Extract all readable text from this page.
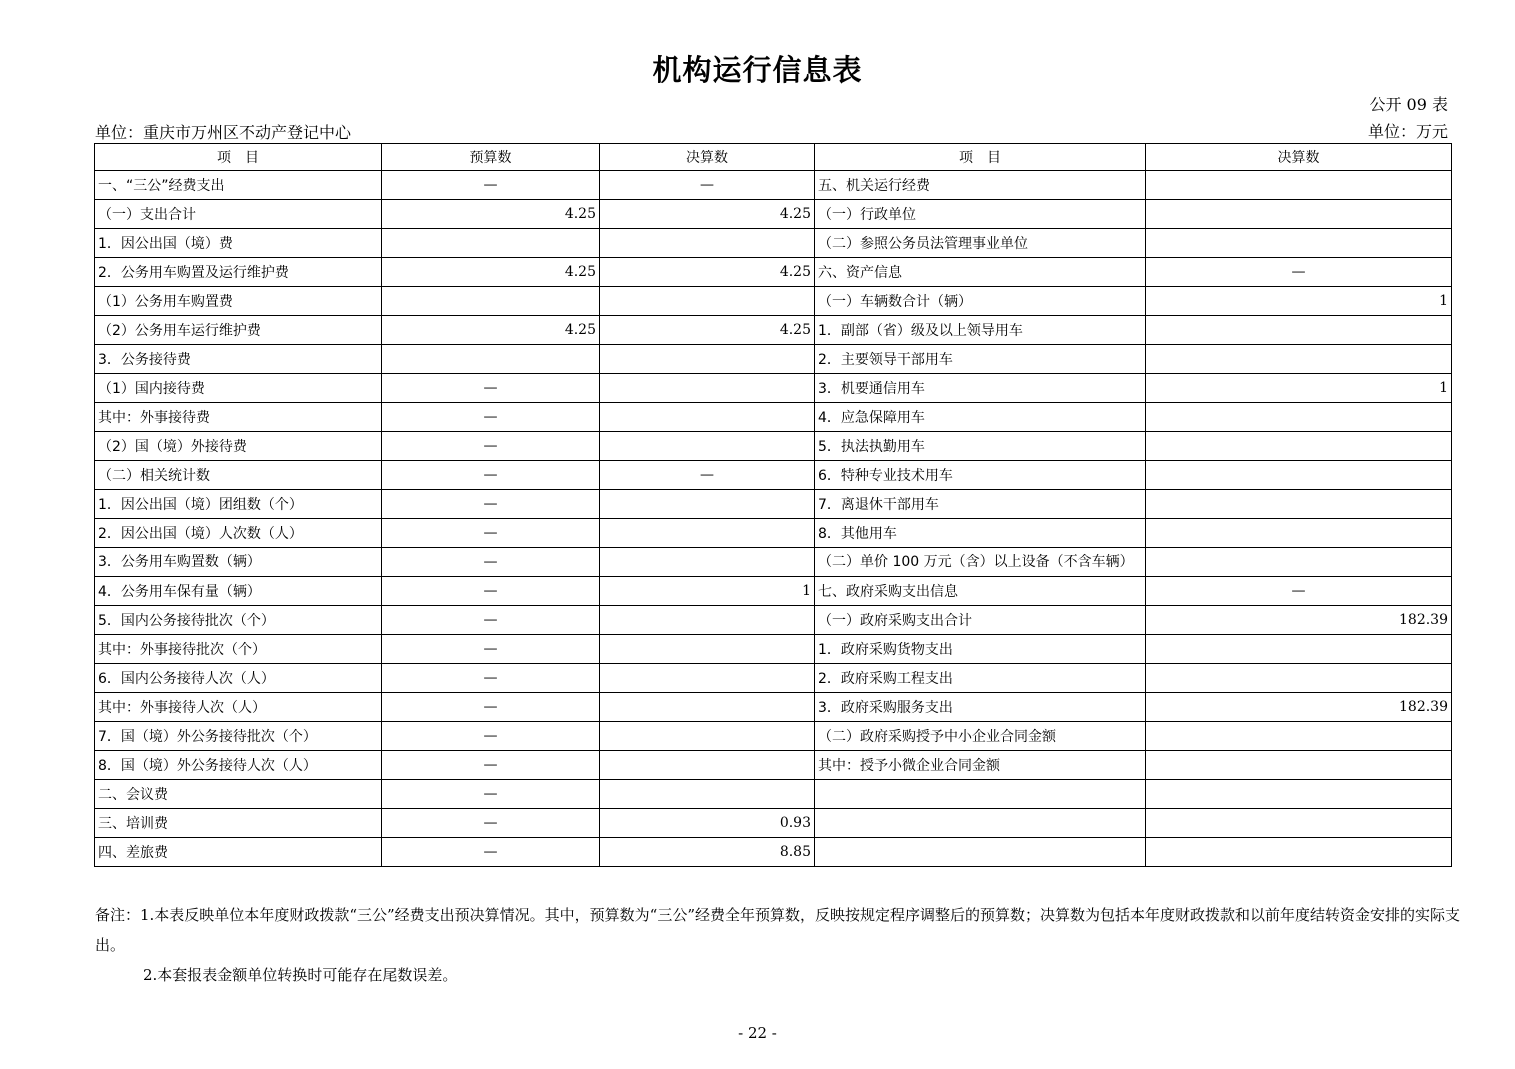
机构运行信息表
公开 09 表
单位：重庆市万州区不动产登记中心	单位：万元
项　目	预算数	决算数	项　目	决算数
一、“三公”经费支出	—	—	五、机关运行经费	
（一）支出合计	4.25	4.25	（一）行政单位	
1．因公出国（境）费			（二）参照公务员法管理事业单位	
2．公务用车购置及运行维护费	4.25	4.25	六、资产信息	—
（1）公务用车购置费			（一）车辆数合计（辆）	1
（2）公务用车运行维护费	4.25	4.25	1．副部（省）级及以上领导用车	
3．公务接待费			2．主要领导干部用车	
（1）国内接待费	—		3．机要通信用车	1
其中：外事接待费	—		4．应急保障用车	
（2）国（境）外接待费	—		5．执法执勤用车	
（二）相关统计数	—	—	6．特种专业技术用车	
1．因公出国（境）团组数（个）	—		7．离退休干部用车	
2．因公出国（境）人次数（人）	—		8．其他用车	
3．公务用车购置数（辆）	—		（二）单价 100 万元（含）以上设备（不含车辆）	
4．公务用车保有量（辆）	—	1	七、政府采购支出信息	—
5．国内公务接待批次（个）	—		（一）政府采购支出合计	182.39
其中：外事接待批次（个）	—		1．政府采购货物支出	
6．国内公务接待人次（人）	—		2．政府采购工程支出	
其中：外事接待人次（人）	—		3．政府采购服务支出	182.39
7．国（境）外公务接待批次（个）	—		（二）政府采购授予中小企业合同金额	
8．国（境）外公务接待人次（人）	—		其中：授予小微企业合同金额	
二、会议费	—			
三、培训费	—	0.93		
四、差旅费	—	8.85		
备注：1.本表反映单位本年度财政拨款“三公”经费支出预决算情况。其中，预算数为“三公”经费全年预算数，反映按规定程序调整后的预算数；决算数为包括本年度财政拨款和以前年度结转资金安排的实际支出。
2.本套报表金额单位转换时可能存在尾数误差。
- 22 -
